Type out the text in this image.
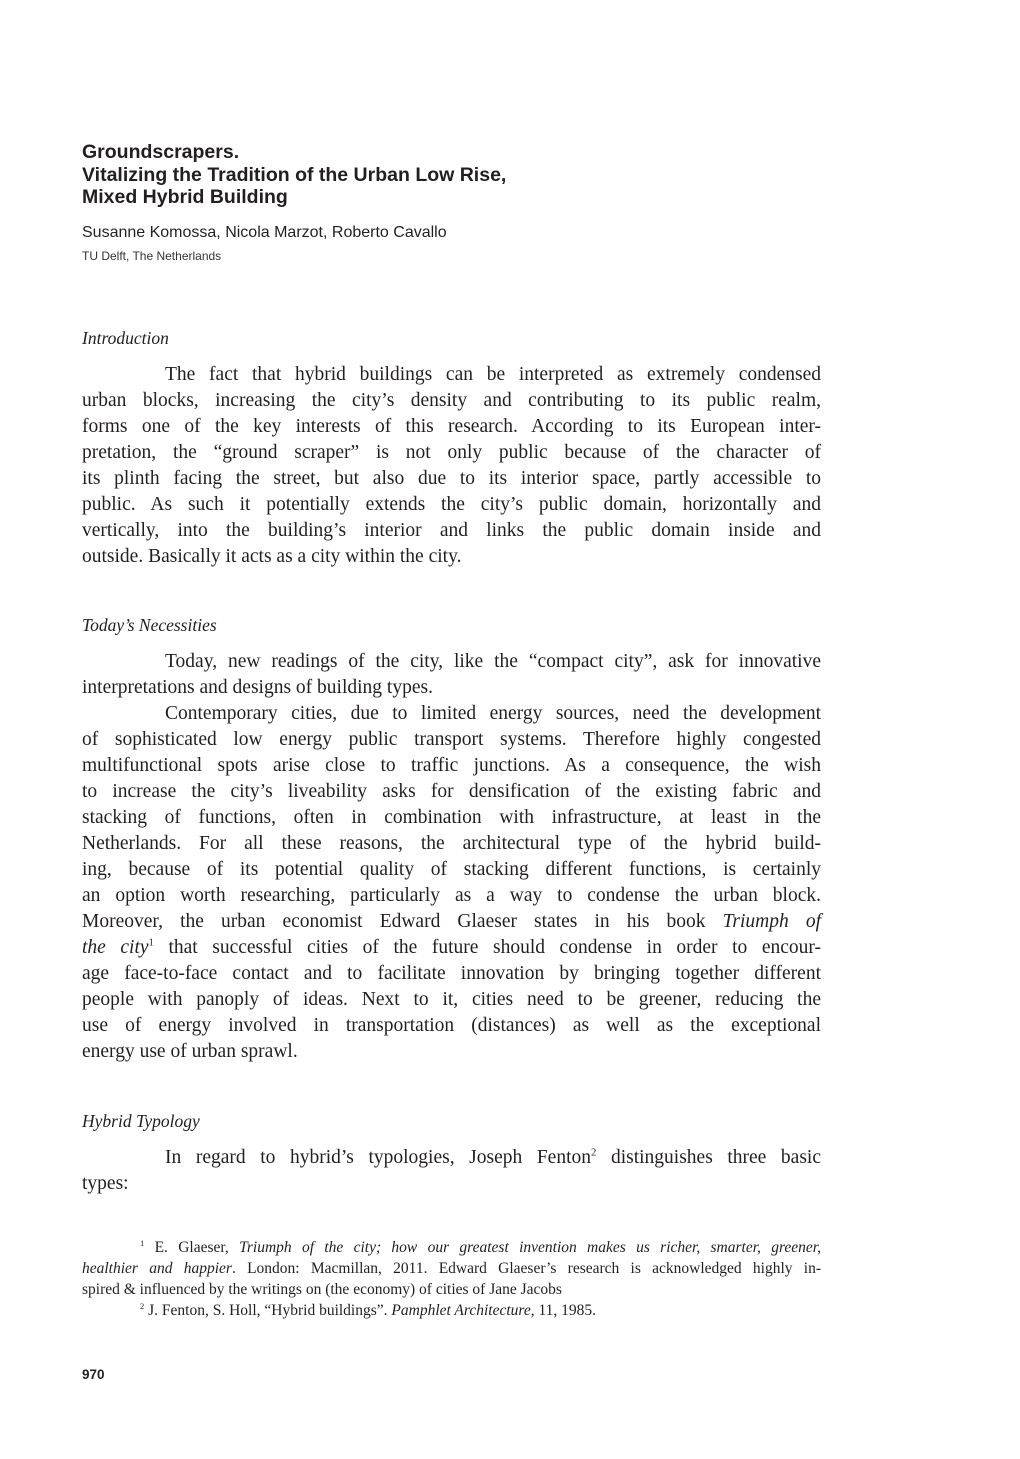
Groundscrapers.
Vitalizing the Tradition of the Urban Low Rise,
Mixed Hybrid Building
Susanne Komossa, Nicola Marzot, Roberto Cavallo
TU Delft, The Netherlands
Introduction
The fact that hybrid buildings can be interpreted as extremely condensed
urban blocks, increasing the city’s density and contributing to its public realm,
forms one of the key interests of this research. According to its European inter-
pretation, the “ground scraper” is not only public because of the character of
its plinth facing the street, but also due to its interior space, partly accessible to
public. As such it potentially extends the city’s public domain, horizontally and
vertically, into the building’s interior and links the public domain inside and
outside. Basically it acts as a city within the city.
Today’s Necessities
Today, new readings of the city, like the “compact city”, ask for innovative
interpretations and designs of building types.
Contemporary cities, due to limited energy sources, need the development
of sophisticated low energy public transport systems. Therefore highly congested
multifunctional spots arise close to traffic junctions. As a consequence, the wish
to increase the city’s liveability asks for densification of the existing fabric and
stacking of functions, often in combination with infrastructure, at least in the
Netherlands. For all these reasons, the architectural type of the hybrid build-
ing, because of its potential quality of stacking different functions, is certainly
an option worth researching, particularly as a way to condense the urban block.
Moreover, the urban economist Edward Glaeser states in his book Triumph of
the city$^1$ that successful cities of the future should condense in order to encour-
age face-to-face contact and to facilitate innovation by bringing together different
people with panoply of ideas. Next to it, cities need to be greener, reducing the
use of energy involved in transportation (distances) as well as the exceptional
energy use of urban sprawl.
Hybrid Typology
In regard to hybrid’s typologies, Joseph Fenton$^2$ distinguishes three basic
types:
$^1$ E. Glaeser, Triumph of the city; how our greatest invention makes us richer, smarter, greener,
healthier and happier. London: Macmillan, 2011. Edward Glaeser’s research is acknowledged highly in-
spired & influenced by the writings on (the economy) of cities of Jane Jacobs
$^2$ J. Fenton, S. Holl, “Hybrid buildings”. Pamphlet Architecture, 11, 1985.
970
